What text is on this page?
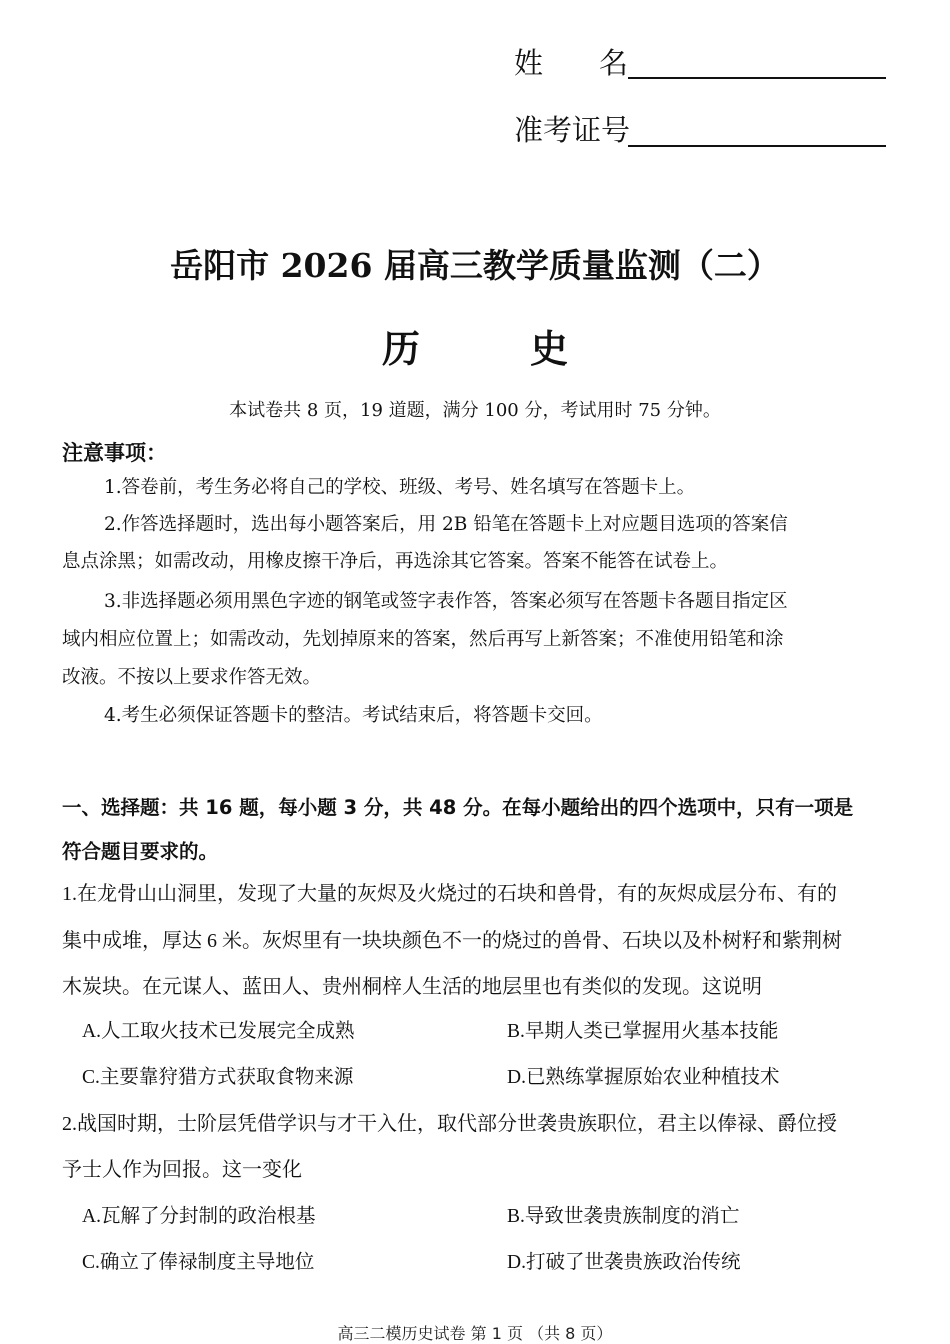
姓名
准考证号
岳阳市 2026 届高三教学质量监测（二）
历	史
本试卷共 8 页，19 道题，满分 100 分，考试用时 75 分钟。
注意事项：
1.答卷前，考生务必将自己的学校、班级、考号、姓名填写在答题卡上。
2.作答选择题时，选出每小题答案后，用 2B 铅笔在答题卡上对应题目选项的答案信
息点涂黑；如需改动，用橡皮擦干净后，再选涂其它答案。答案不能答在试卷上。
3.非选择题必须用黑色字迹的钢笔或签字表作答，答案必须写在答题卡各题目指定区
域内相应位置上；如需改动，先划掉原来的答案，然后再写上新答案；不准使用铅笔和涂
改液。不按以上要求作答无效。
4.考生必须保证答题卡的整洁。考试结束后，将答题卡交回。
一、选择题：共 16 题，每小题 3 分，共 48 分。在每小题给出的四个选项中，只有一项是
符合题目要求的。
1.在龙骨山山洞里，发现了大量的灰烬及火烧过的石块和兽骨，有的灰烬成层分布、有的
集中成堆，厚达 6 米。灰烬里有一块块颜色不一的烧过的兽骨、石块以及朴树籽和紫荆树
木炭块。在元谋人、蓝田人、贵州桐梓人生活的地层里也有类似的发现。这说明
A.人工取火技术已发展完全成熟	B.早期人类已掌握用火基本技能
C.主要靠狩猎方式获取食物来源	D.已熟练掌握原始农业种植技术
2.战国时期，士阶层凭借学识与才干入仕，取代部分世袭贵族职位，君主以俸禄、爵位授
予士人作为回报。这一变化
A.瓦解了分封制的政治根基	B.导致世袭贵族制度的消亡
C.确立了俸禄制度主导地位	D.打破了世袭贵族政治传统
高三二模历史试卷 第 1 页 （共 8 页）
